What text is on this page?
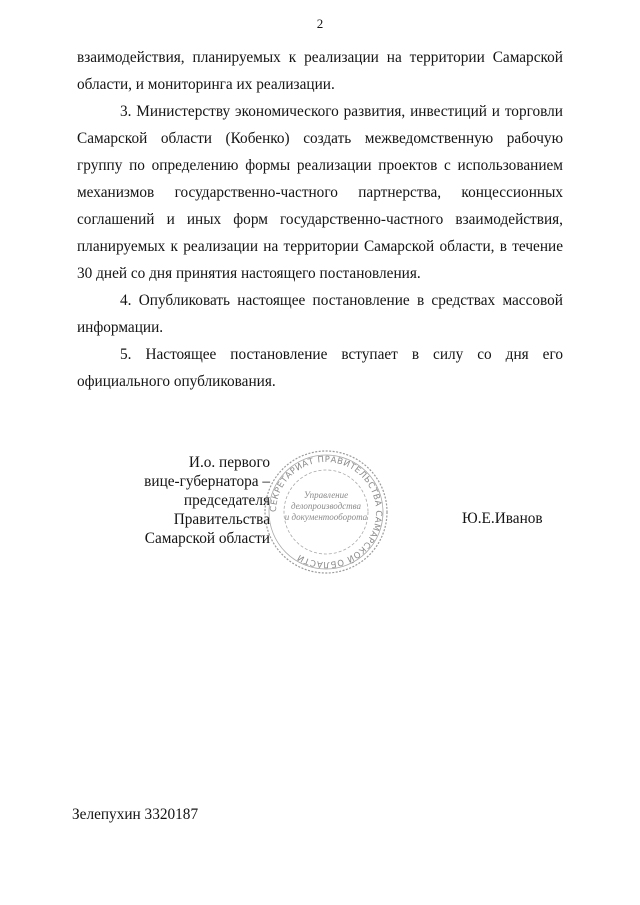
2

взаимодействия, планируемых к реализации на территории Самарской области, и мониторинга их реализации.

3. Министерству экономического развития, инвестиций и торговли Самарской области (Кобенко) создать межведомственную рабочую группу по определению формы реализации проектов с использованием механизмов государственно-частного партнерства, концессионных соглашений и иных форм государственно-частного взаимодействия, планируемых к реализации на территории Самарской области, в течение 30 дней со дня принятия настоящего постановления.

4. Опубликовать настоящее постановление в средствах массовой информации.

5. Настоящее постановление вступает в силу со дня его официального опубликования.

И.о. первого
вице-губернатора –
председателя Правительства
Самарской области
СЕКРЕТАРИАТ ПРАВИТЕЛЬСТВА САМАРСКОЙ ОБЛАСТИ
Управление
делопроизводства
и документооборота	Ю.Е.Иванов
Зелепухин 3320187
